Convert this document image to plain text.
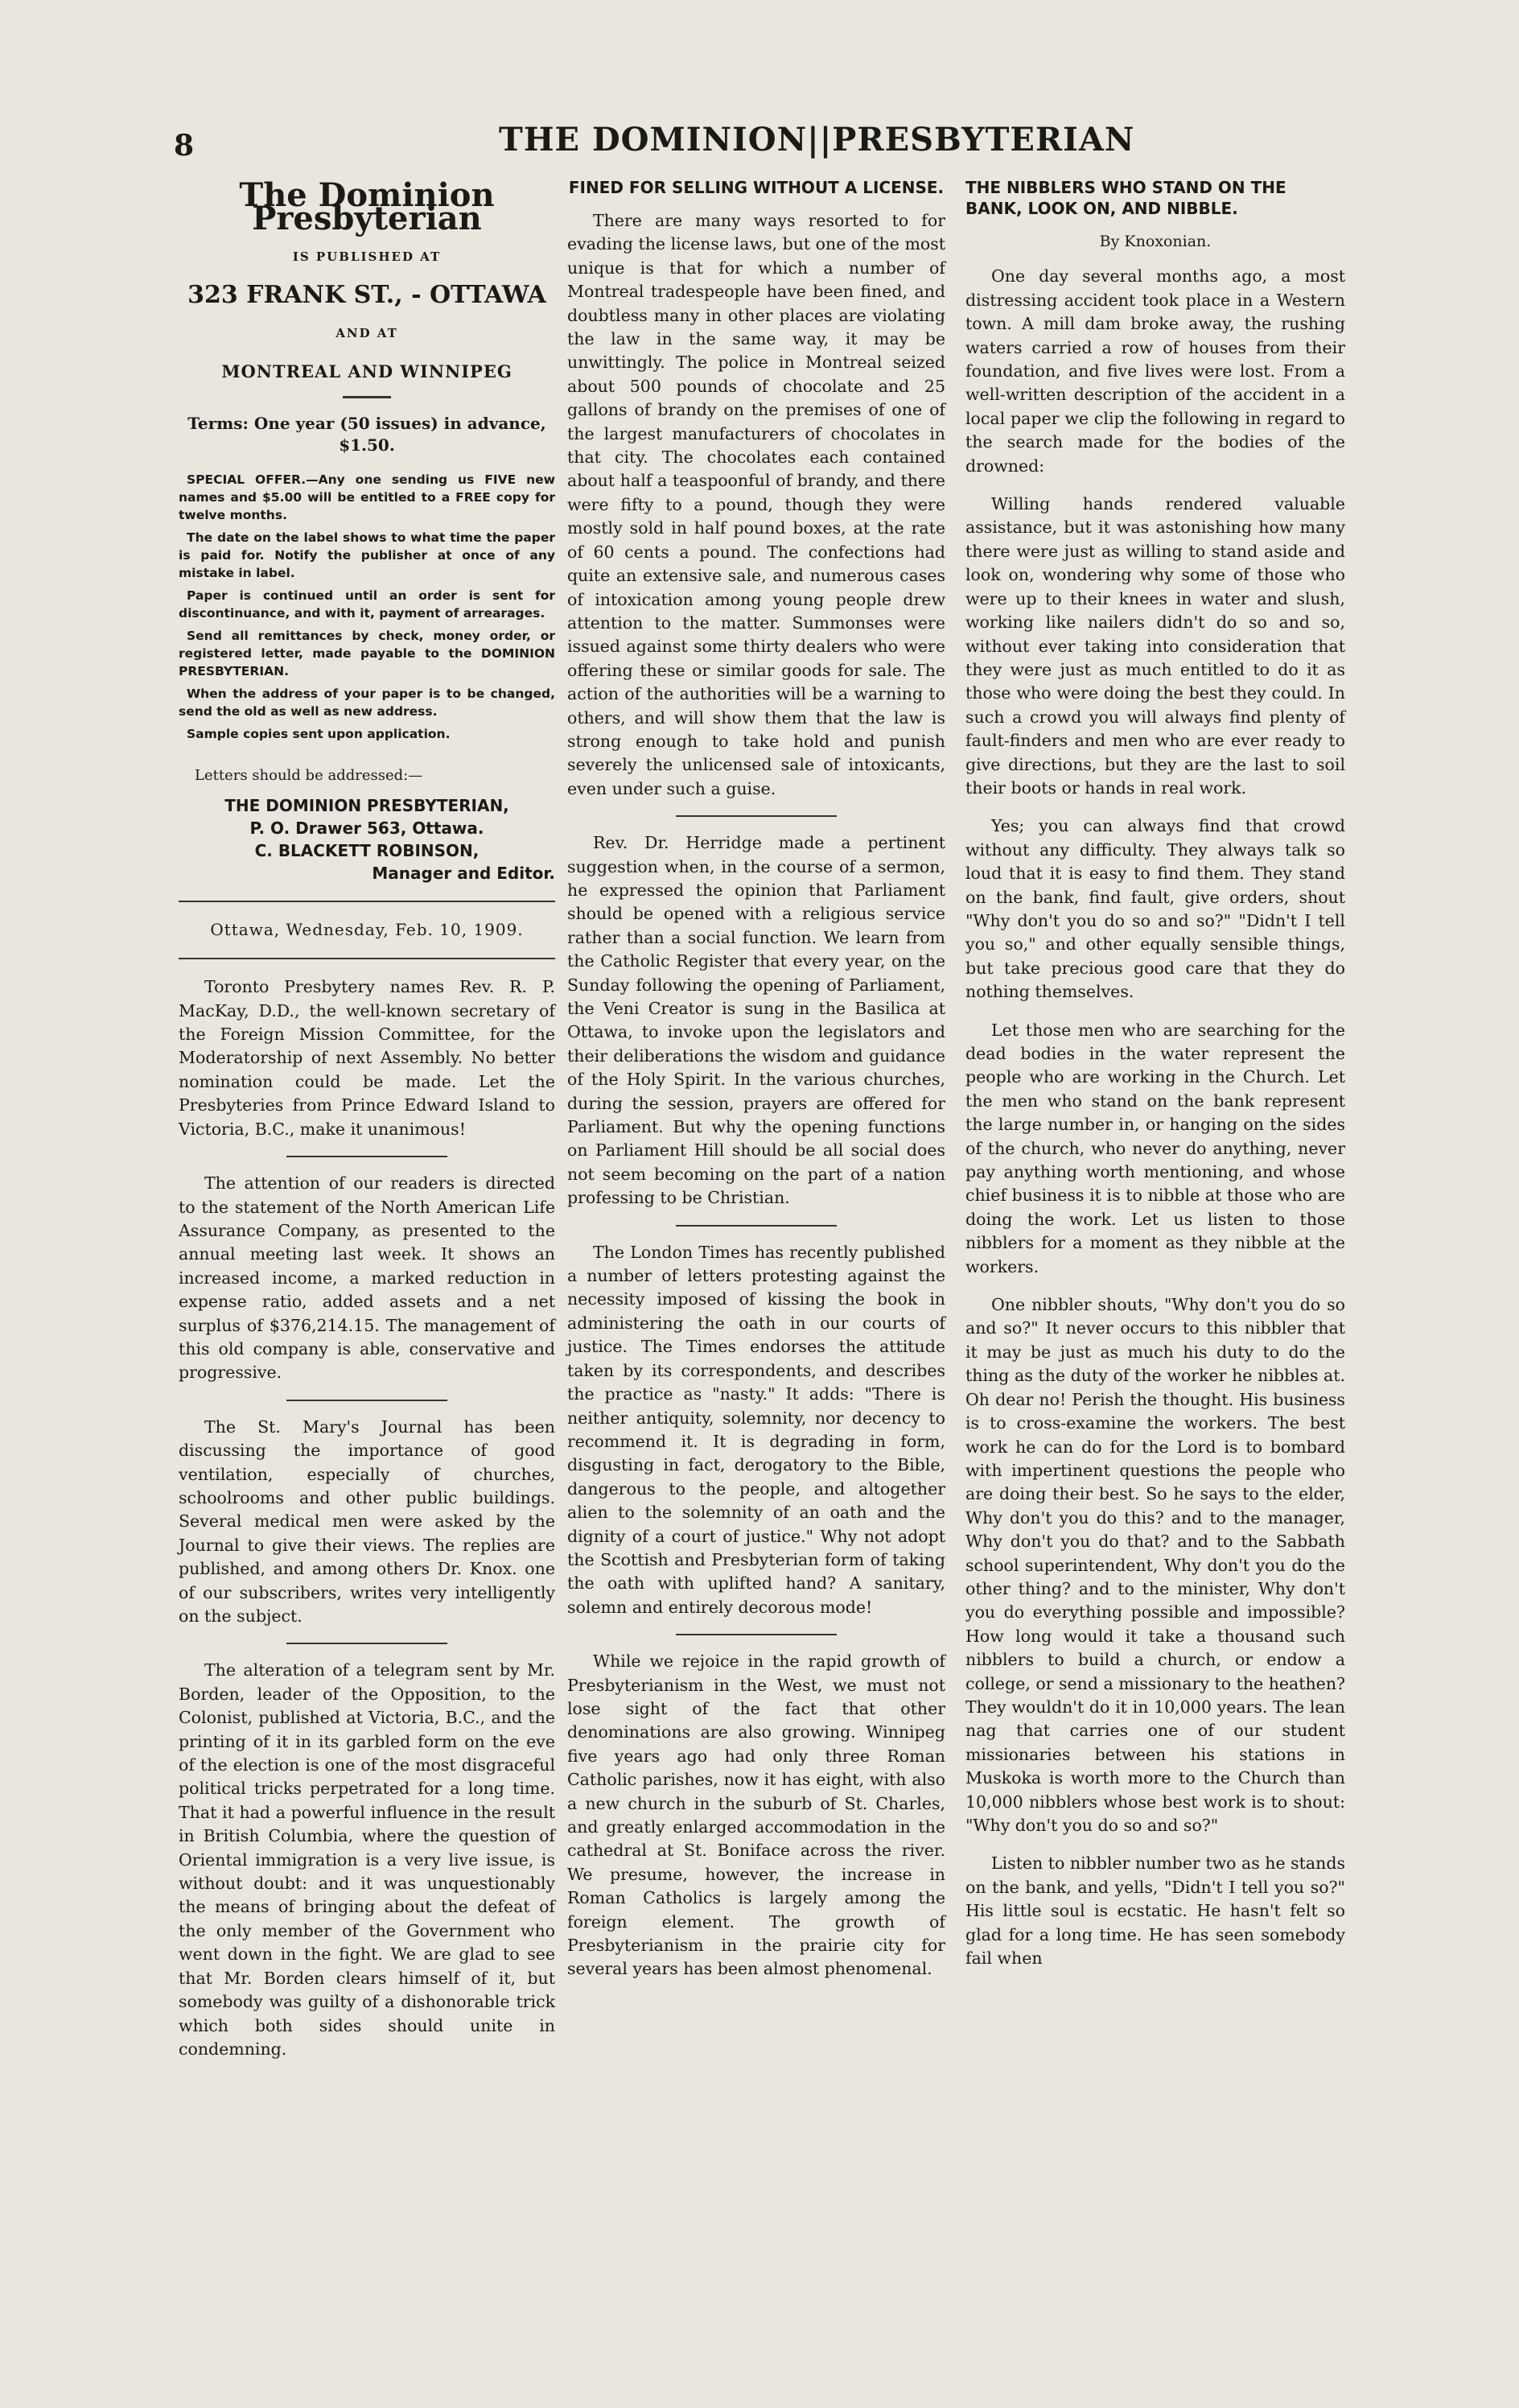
8	THE DOMINION||PRESBYTERIAN
The Dominion Presbyterian
IS PUBLISHED AT
323 FRANK ST., - OTTAWA
AND AT
MONTREAL AND WINNIPEG
Terms: One year (50 issues) in advance, $1.50.

SPECIAL OFFER.—Any one sending us FIVE new names and $5.00 will be entitled to a FREE copy for twelve months.

The date on the label shows to what time the paper is paid for. Notify the publisher at once of any mistake in label.

Paper is continued until an order is sent for discontinuance, and with it, payment of arrearages.

Send all remittances by check, money order, or registered letter, made payable to the DOMINION PRESBYTERIAN.

When the address of your paper is to be changed, send the old as well as new address.

Sample copies sent upon application.

Letters should be addressed:—
THE DOMINION PRESBYTERIAN,
P. O. Drawer 563, Ottawa.
C. BLACKETT ROBINSON,
Manager and Editor.
Ottawa, Wednesday, Feb. 10, 1909.

Toronto Presbytery names Rev. R. P. MacKay, D.D., the well-known secretary of the Foreign Mission Committee, for the Moderatorship of next Assembly. No better nomination could be made. Let the Presbyteries from Prince Edward Island to Victoria, B.C., make it unanimous!

The attention of our readers is directed to the statement of the North American Life Assurance Company, as presented to the annual meeting last week. It shows an increased income, a marked reduction in expense ratio, added assets and a net surplus of $376,214.15. The management of this old company is able, conservative and progressive.

The St. Mary's Journal has been discussing the importance of good ventilation, especially of churches, schoolrooms and other public buildings. Several medical men were asked by the Journal to give their views. The replies are published, and among others Dr. Knox. one of our subscribers, writes very intelligently on the subject.

The alteration of a telegram sent by Mr. Borden, leader of the Opposition, to the Colonist, published at Victoria, B.C., and the printing of it in its garbled form on the eve of the election is one of the most disgraceful political tricks perpetrated for a long time. That it had a powerful influence in the result in British Columbia, where the question of Oriental immigration is a very live issue, is without doubt: and it was unquestionably the means of bringing about the defeat of the only member of the Government who went down in the fight. We are glad to see that Mr. Borden clears himself of it, but somebody was guilty of a dishonorable trick which both sides should unite in condemning.

FINED FOR SELLING WITHOUT A LICENSE.

There are many ways resorted to for evading the license laws, but one of the most unique is that for which a number of Montreal tradespeople have been fined, and doubtless many in other places are violating the law in the same way, it may be unwittingly. The police in Montreal seized about 500 pounds of chocolate and 25 gallons of brandy on the premises of one of the largest manufacturers of chocolates in that city. The chocolates each contained about half a teaspoonful of brandy, and there were fifty to a pound, though they were mostly sold in half pound boxes, at the rate of 60 cents a pound. The confections had quite an extensive sale, and numerous cases of intoxication among young people drew attention to the matter. Summonses were issued against some thirty dealers who were offering these or similar goods for sale. The action of the authorities will be a warning to others, and will show them that the law is strong enough to take hold and punish severely the unlicensed sale of intoxicants, even under such a guise.

Rev. Dr. Herridge made a pertinent suggestion when, in the course of a sermon, he expressed the opinion that Parliament should be opened with a religious service rather than a social function. We learn from the Catholic Register that every year, on the Sunday following the opening of Parliament, the Veni Creator is sung in the Basilica at Ottawa, to invoke upon the legislators and their deliberations the wisdom and guidance of the Holy Spirit. In the various churches, during the session, prayers are offered for Parliament. But why the opening functions on Parliament Hill should be all social does not seem becoming on the part of a nation professing to be Christian.

The London Times has recently published a number of letters protesting against the necessity imposed of kissing the book in administering the oath in our courts of justice. The Times endorses the attitude taken by its correspondents, and describes the practice as "nasty." It adds: "There is neither antiquity, solemnity, nor decency to recommend it. It is degrading in form, disgusting in fact, derogatory to the Bible, dangerous to the people, and altogether alien to the solemnity of an oath and the dignity of a court of justice." Why not adopt the Scottish and Presbyterian form of taking the oath with uplifted hand? A sanitary, solemn and entirely decorous mode!

While we rejoice in the rapid growth of Presbyterianism in the West, we must not lose sight of the fact that other denominations are also growing. Winnipeg five years ago had only three Roman Catholic parishes, now it has eight, with also a new church in the suburb of St. Charles, and greatly enlarged accommodation in the cathedral at St. Boniface across the river. We presume, however, the increase in Roman Catholics is largely among the foreign element. The growth of Presbyterianism in the prairie city for several years has been almost phenomenal.

THE NIBBLERS WHO STAND ON THE BANK, LOOK ON, AND NIBBLE.
By Knoxonian.

One day several months ago, a most distressing accident took place in a Western town. A mill dam broke away, the rushing waters carried a row of houses from their foundation, and five lives were lost. From a well-written description of the accident in a local paper we clip the following in regard to the search made for the bodies of the drowned:

Willing hands rendered valuable assistance, but it was astonishing how many there were just as willing to stand aside and look on, wondering why some of those who were up to their knees in water and slush, working like nailers didn't do so and so, without ever taking into consideration that they were just as much entitled to do it as those who were doing the best they could. In such a crowd you will always find plenty of fault-finders and men who are ever ready to give directions, but they are the last to soil their boots or hands in real work.

Yes; you can always find that crowd without any difficulty. They always talk so loud that it is easy to find them. They stand on the bank, find fault, give orders, shout "Why don't you do so and so?" "Didn't I tell you so," and other equally sensible things, but take precious good care that they do nothing themselves.

Let those men who are searching for the dead bodies in the water represent the people who are working in the Church. Let the men who stand on the bank represent the large number in, or hanging on the sides of the church, who never do anything, never pay anything worth mentioning, and whose chief business it is to nibble at those who are doing the work. Let us listen to those nibblers for a moment as they nibble at the workers.

One nibbler shouts, "Why don't you do so and so?" It never occurs to this nibbler that it may be just as much his duty to do the thing as the duty of the worker he nibbles at. Oh dear no! Perish the thought. His business is to cross-examine the workers. The best work he can do for the Lord is to bombard with impertinent questions the people who are doing their best. So he says to the elder, Why don't you do this? and to the manager, Why don't you do that? and to the Sabbath school superintendent, Why don't you do the other thing? and to the minister, Why don't you do everything possible and impossible? How long would it take a thousand such nibblers to build a church, or endow a college, or send a missionary to the heathen? They wouldn't do it in 10,000 years. The lean nag that carries one of our student missionaries between his stations in Muskoka is worth more to the Church than 10,000 nibblers whose best work is to shout: "Why don't you do so and so?"

Listen to nibbler number two as he stands on the bank, and yells, "Didn't I tell you so?" His little soul is ecstatic. He hasn't felt so glad for a long time. He has seen somebody fail when
